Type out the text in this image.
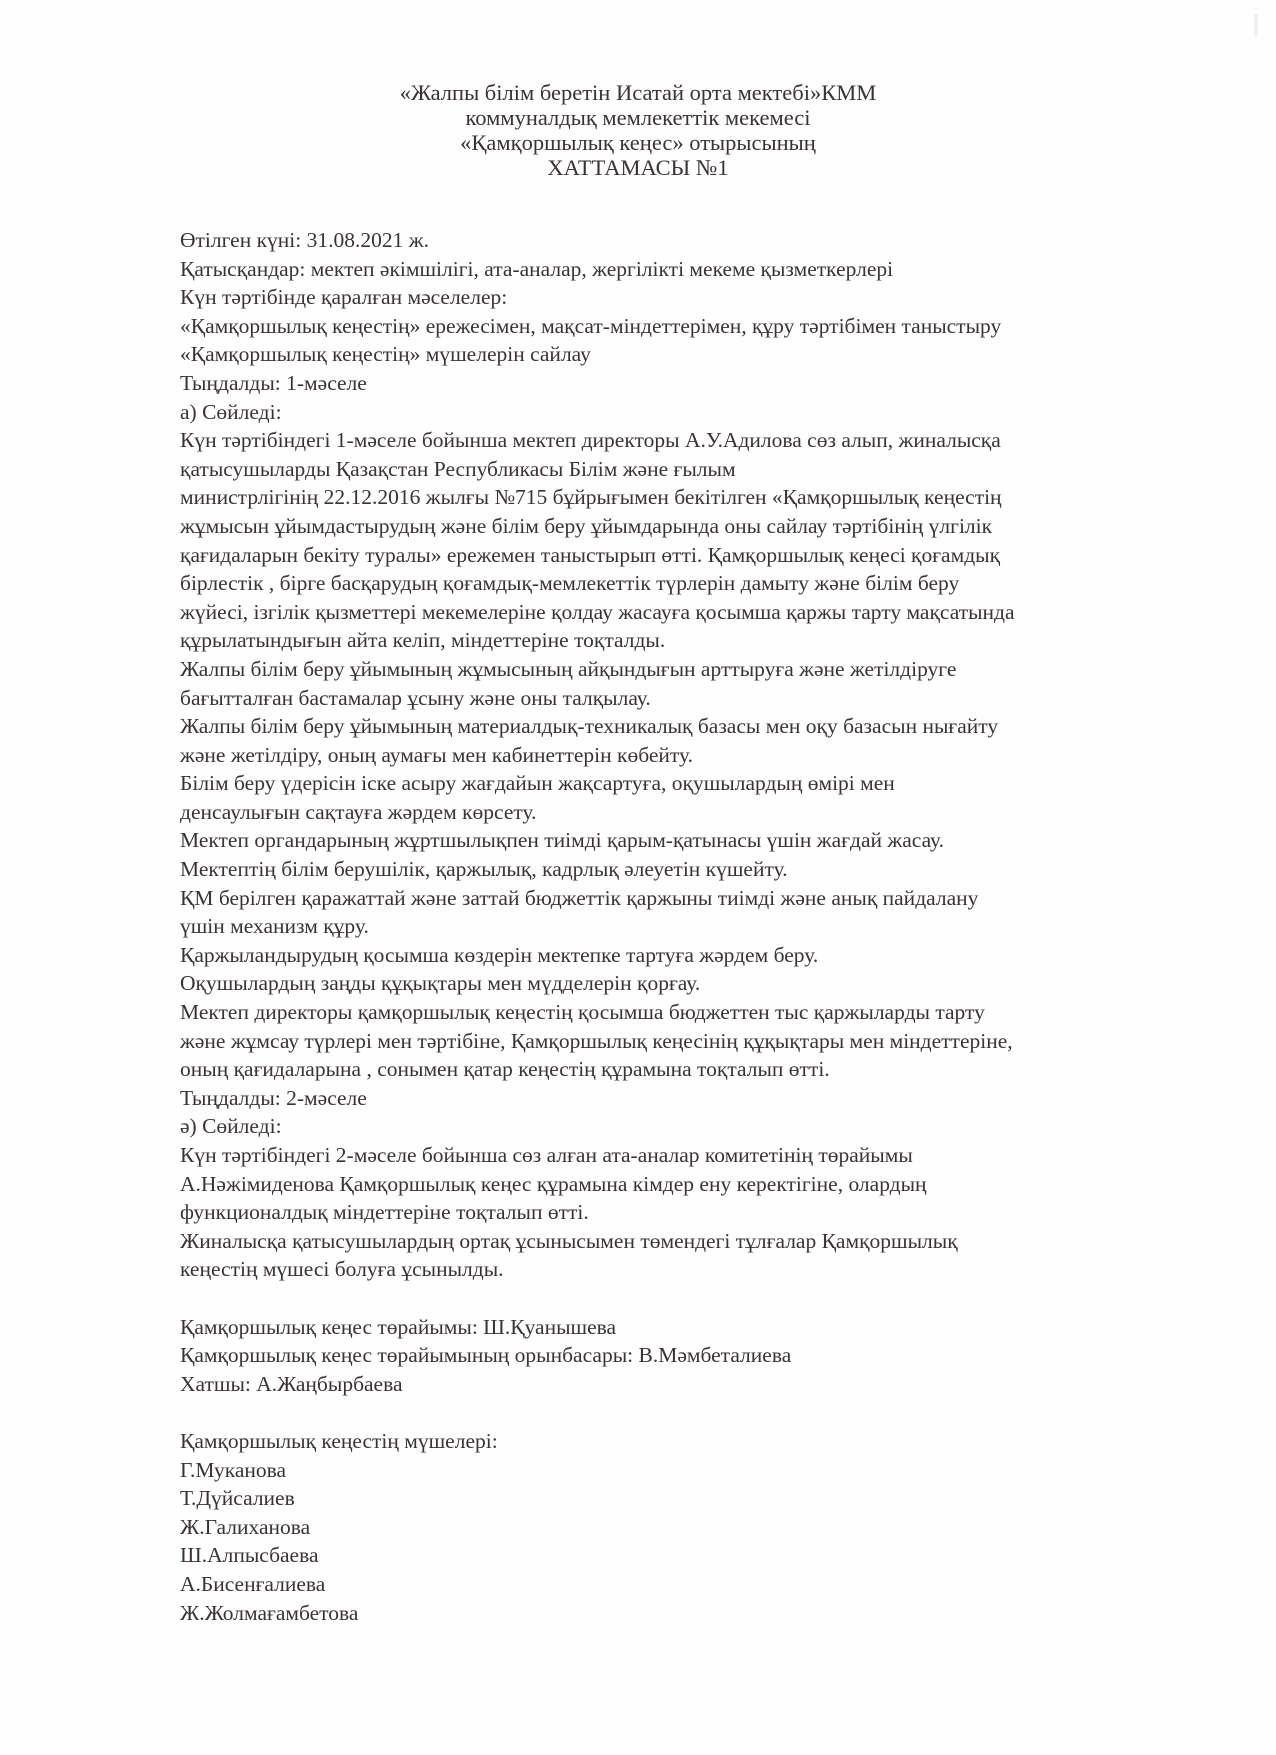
«Жалпы білім беретін Исатай орта мектебі»КММ
коммуналдық мемлекеттік мекемесі
«Қамқоршылық кеңес» отырысының
ХАТТАМАСЫ №1
Өтілген күні: 31.08.2021 ж.
Қатысқандар: мектеп әкімшілігі, ата-аналар, жергілікті мекеме қызметкерлері
Күн тәртібінде қаралған мәселелер:
«Қамқоршылық кеңестің» ережесімен, мақсат-міндеттерімен, құру тәртібімен таныстыру
«Қамқоршылық кеңестің» мүшелерін сайлау
Тыңдалды: 1-мәселе
а) Сөйледі:
Күн тәртібіндегі 1-мәселе бойынша мектеп директоры А.У.Адилова сөз алып, жиналысқа
қатысушыларды Қазақстан Республикасы Білім және ғылым
министрлігінің 22.12.2016 жылғы №715 бұйрығымен бекітілген «Қамқоршылық кеңестің
жұмысын ұйымдастырудың және білім беру ұйымдарында оны сайлау тәртібінің үлгілік
қағидаларын бекіту туралы» ережемен таныстырып өтті. Қамқоршылық кеңесі қоғамдық
бірлестік , бірге басқарудың қоғамдық-мемлекеттік түрлерін дамыту және білім беру
жүйесі, ізгілік қызметтері мекемелеріне қолдау жасауға қосымша қаржы тарту мақсатында
құрылатындығын айта келіп, міндеттеріне тоқталды.
Жалпы білім беру ұйымының жұмысының айқындығын арттыруға және жетілдіруге
бағытталған бастамалар ұсыну және оны талқылау.
Жалпы білім беру ұйымының материалдық-техникалық базасы мен оқу базасын нығайту
және жетілдіру, оның аумағы мен кабинеттерін көбейту.
Білім беру үдерісін іске асыру жағдайын жақсартуға, оқушылардың өмірі мен
денсаулығын сақтауға жәрдем көрсету.
Мектеп органдарының жұртшылықпен тиімді қарым-қатынасы үшін жағдай жасау.
Мектептің білім берушілік, қаржылық, кадрлық әлеуетін күшейту.
ҚМ берілген қаражаттай және заттай бюджеттік қаржыны тиімді және анық пайдалану
үшін механизм құру.
Қаржыландырудың қосымша көздерін мектепке тартуға жәрдем беру.
Оқушылардың заңды құқықтары мен мүдделерін қорғау.
Мектеп директоры қамқоршылық кеңестің қосымша бюджеттен тыс қаржыларды тарту
және жұмсау түрлері мен тәртібіне, Қамқоршылық кеңесінің құқықтары мен міндеттеріне,
оның қағидаларына , сонымен қатар кеңестің құрамына тоқталып өтті.
Тыңдалды: 2-мәселе
ә) Сөйледі:
Күн тәртібіндегі 2-мәселе бойынша сөз алған ата-аналар комитетінің төрайымы
А.Нәжімиденова Қамқоршылық кеңес құрамына кімдер ену керектігіне, олардың
функционалдық міндеттеріне тоқталып өтті.
Жиналысқа қатысушылардың ортақ ұсынысымен төмендегі тұлғалар Қамқоршылық
кеңестің мүшесі болуға ұсынылды.
Қамқоршылық кеңес төрайымы: Ш.Қуанышева
Қамқоршылық кеңес төрайымының орынбасары: В.Мәмбеталиева
Хатшы: А.Жаңбырбаева
Қамқоршылық кеңестің мүшелері:
Г.Муканова
Т.Дүйсалиев
Ж.Галиханова
Ш.Алпысбаева
А.Бисенғалиева
Ж.Жолмағамбетова
